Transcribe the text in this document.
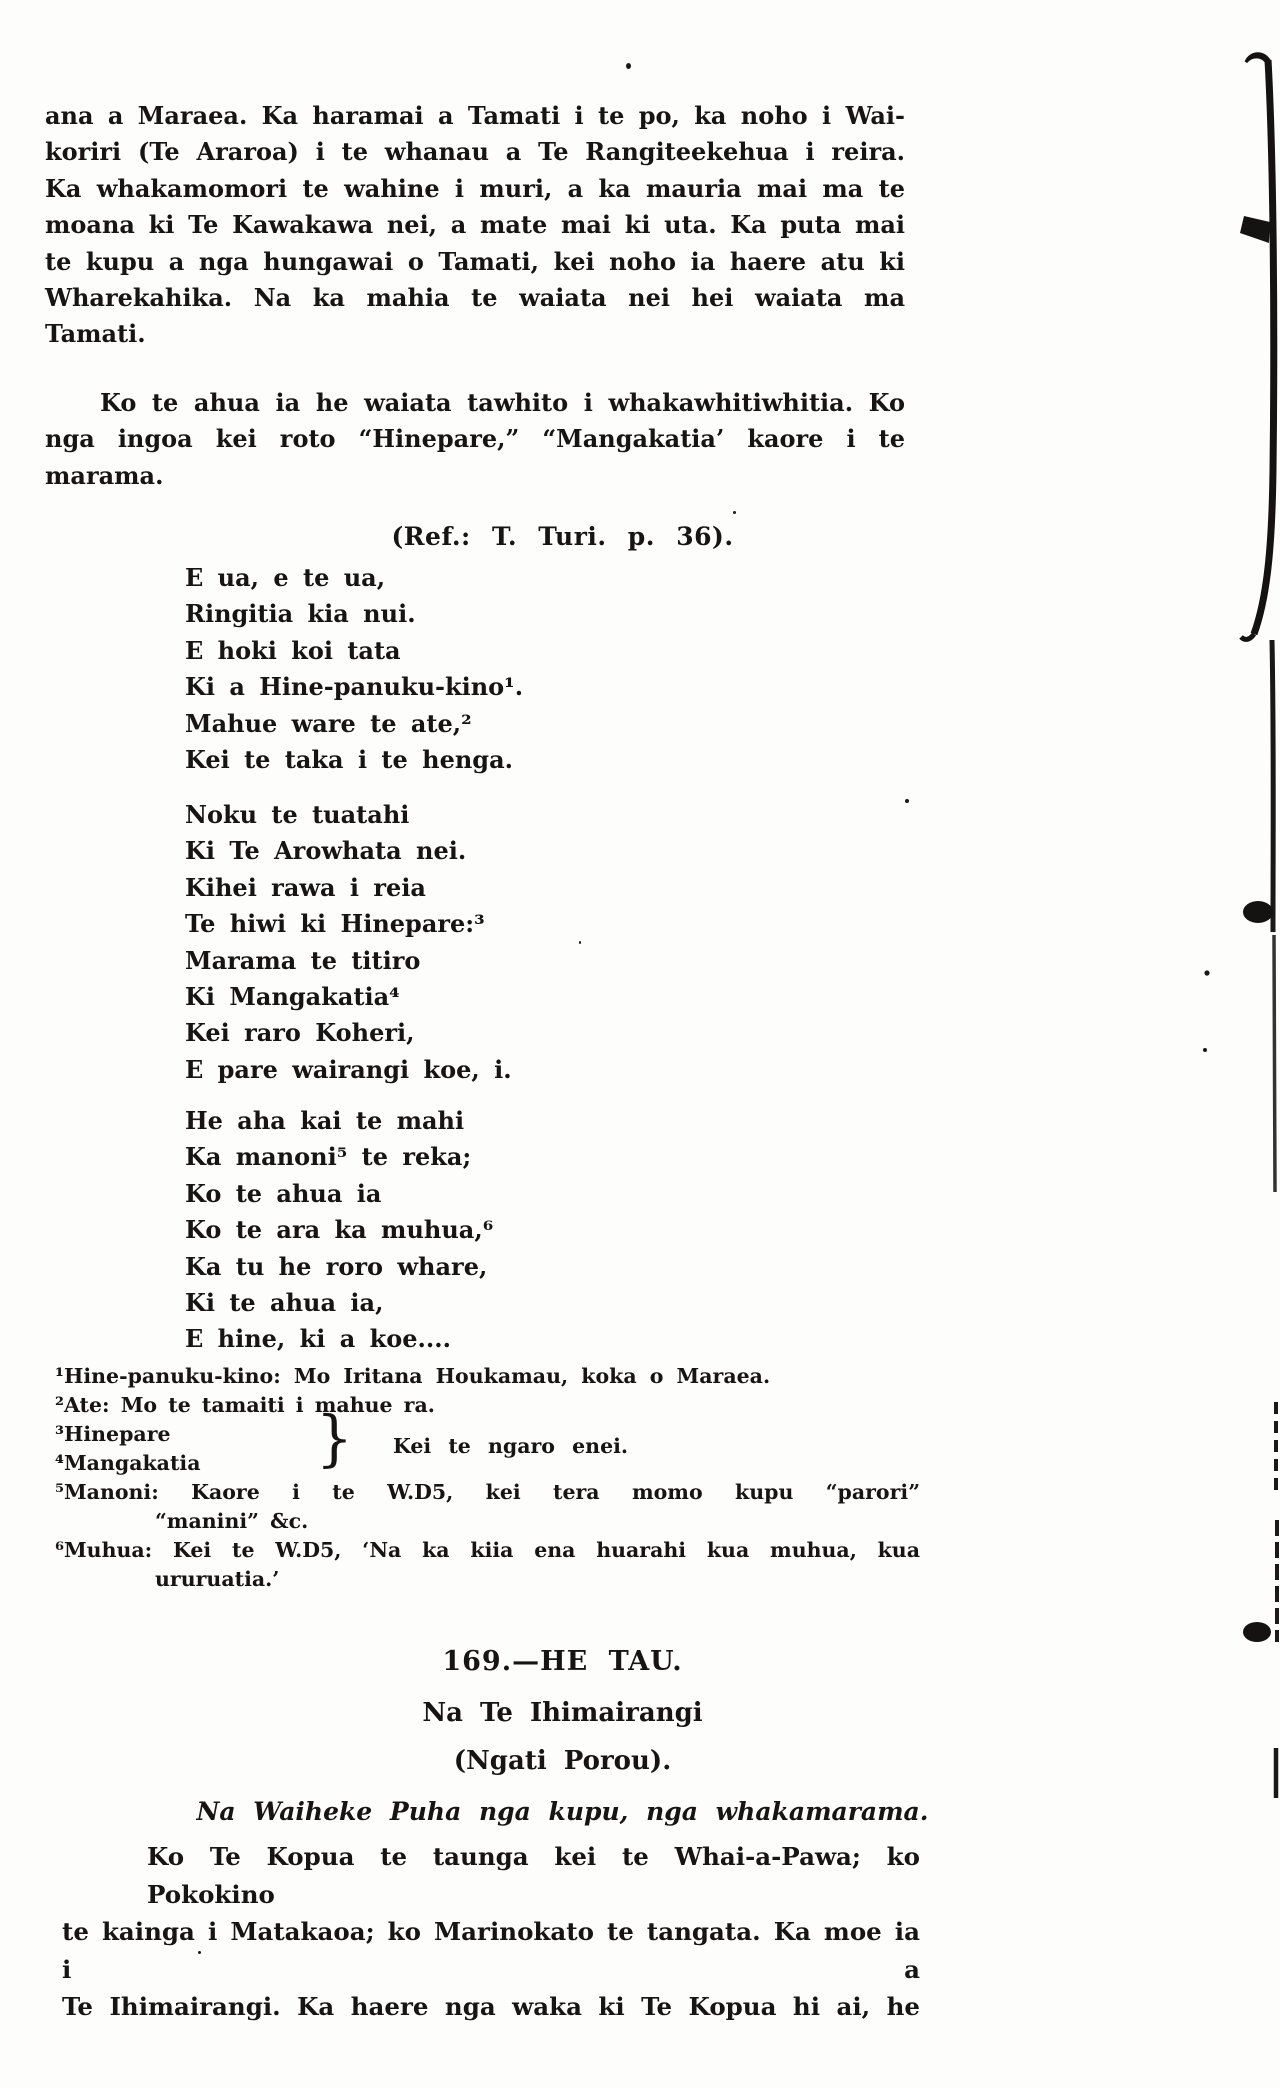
ana a Maraea. Ka haramai a Tamati i te po, ka noho i Wai-
koriri (Te Araroa) i te whanau a Te Rangiteekehua i reira.
Ka whakamomori te wahine i muri, a ka mauria mai ma te
moana ki Te Kawakawa nei, a mate mai ki uta. Ka puta mai
te kupu a nga hungawai o Tamati, kei noho ia haere atu ki
Wharekahika. Na ka mahia te waiata nei hei waiata ma
Tamati.
Ko te ahua ia he waiata tawhito i whakawhitiwhitia. Ko
nga ingoa kei roto “Hinepare,” “Mangakatia’ kaore i te
marama.
(Ref.: T. Turi. p. 36).
E ua, e te ua,
Ringitia kia nui.
E hoki koi tata
Ki a Hine-panuku-kino¹.
Mahue ware te ate,²
Kei te taka i te henga.
Noku te tuatahi
Ki Te Arowhata nei.
Kihei rawa i reia
Te hiwi ki Hinepare:³
Marama te titiro
Ki Mangakatia⁴
Kei raro Koheri,
E pare wairangi koe, i.
He aha kai te mahi
Ka manoni⁵ te reka;
Ko te ahua ia
Ko te ara ka muhua,⁶
Ka tu he roro whare,
Ki te ahua ia,
E hine, ki a koe....
¹Hine-panuku-kino: Mo Iritana Houkamau, koka o Maraea.
²Ate: Mo te tamaiti i mahue ra.
³Hinepare
⁴Mangakatia
⁵Manoni: Kaore i te W.D5, kei tera momo kupu “parori”
“manini” &c.
⁶Muhua: Kei te W.D5, ‘Na ka kiia ena huarahi kua muhua, kua
ururuatia.’
} Kei te ngaro enei.
169.—HE TAU.
Na Te Ihimairangi
(Ngati Porou).
Na Waiheke Puha nga kupu, nga whakamarama.
Ko Te Kopua te taunga kei te Whai-a-Pawa; ko Pokokino
te kainga i Matakaoa; ko Marinokato te tangata. Ka moe ia i a
Te Ihimairangi. Ka haere nga waka ki Te Kopua hi ai, he
